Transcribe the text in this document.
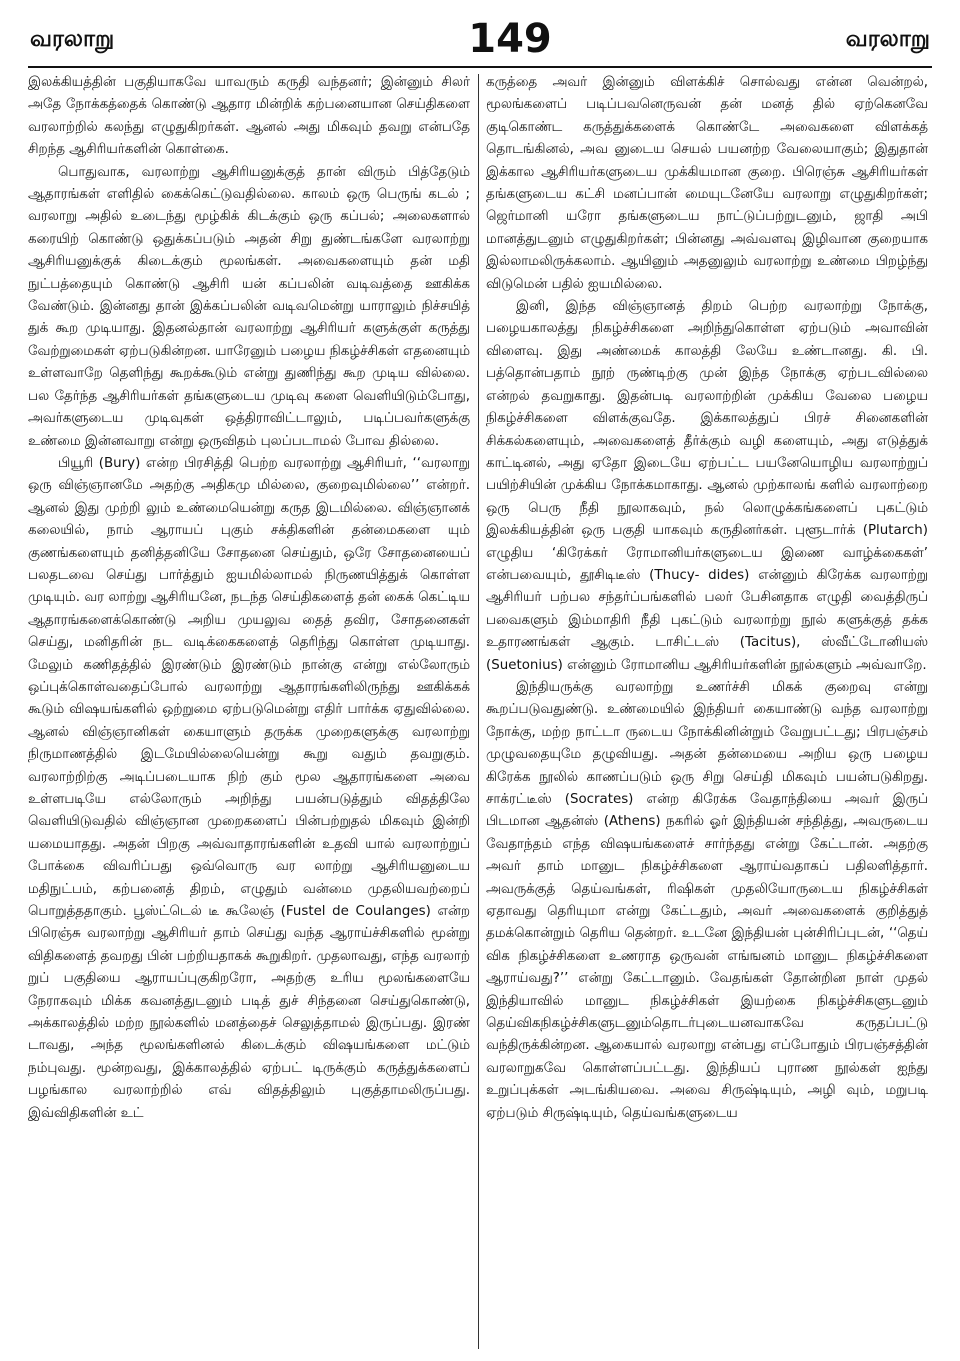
வரலாறு	149	வரலாறு

இலக்கியத்தின் பகுதியாகவே யாவரும் கருதி வந்தனர்; இன்னும் சிலர் அதே நோக்கத்தைக் கொண்டு ஆதார மின்றிக் கற்பனையான செய்திகளை வரலாற்றில் கலந்து எழுதுகிறர்கள். ஆனல் அது மிகவும் தவறு என்பதே சிறந்த ஆசிரியர்களின் கொள்கை.

பொதுவாக, வரலாற்று ஆசிரியனுக்குத் தான் விரும் பித்தேடும் ஆதாரங்கள் எளிதில் கைக்கெட்டுவதில்லை. காலம் ஒரு பெருங் கடல் ; வரலாறு அதில் உடைந்து மூழ்கிக் கிடக்கும் ஒரு கப்பல்; அலைகளால் கரையிற் கொண்டு ஒதுக்கப்படும் அதன் சிறு துண்டங்களே வரலாற்று ஆசிரியனுக்குக் கிடைக்கும் மூலங்கள். அவைகளையும் தன் மதி நுட்பத்தையும் கொண்டு ஆசிரி யன் கப்பலின் வடிவத்தை ஊகிக்க வேண்டும். இன்னது தான் இக்கப்பலின் வடிவமென்று யாராலும் நிச்சயித் துக் கூற முடியாது. இதனல்தான் வரலாற்று ஆசிரியர் களுக்குள் கருத்து வேற்றுமைகள் ஏற்படுகின்றன. யாரேனும் பழைய நிகழ்ச்சிகள் எதனையும் உள்ளவாறே தெளிந்து கூறக்கூடும் என்று துணிந்து கூற முடிய வில்லை. பல தேர்ந்த ஆசிரியர்கள் தங்களுடைய முடிவு களை வெளியிடும்போது, அவர்களுடைய முடிவுகள் ஒத்திராவிட்டாலும், படிப்பவர்களுக்கு உண்மை இன்னவாறு என்று ஒருவிதம் புலப்படாமல் போவ தில்லை.

பியூரி (Bury) என்ற பிரசித்தி பெற்ற வரலாற்று ஆசிரியர், ‘‘வரலாறு ஒரு விஞ்ஞானமே அதற்கு அதிகமு மில்லை, குறைவுமில்லை’’ என்றர். ஆனல் இது முற்றி லும் உண்மையென்று கருத இடமில்லை. விஞ்ஞானக் கலையில், நாம் ஆராயப் புகும் சக்திகளின் தன்மைகளை யும் குணங்களையும் தனித்தனியே சோதனை செய்தும், ஒரே சோதனையைப் பலதடவை செய்து பார்த்தும் ஐயமில்லாமல் நிருணயித்துக் கொள்ள முடியும். வர லாற்று ஆசிரியனே, நடந்த செய்திகளைத் தன் கைக் கெட்டிய ஆதாரங்களைக்கொண்டு அறிய முயலுவ தைத் தவிர, சோதனைகள் செய்து, மனிதரின் நட வடிக்கைகளைத் தெரிந்து கொள்ள முடியாது. மேலும் கணிதத்தில் இரண்டும் இரண்டும் நான்கு என்று எல்லோரும் ஒப்புக்கொள்வதைப்போல் வரலாற்று ஆதாரங்களிலிருந்து ஊகிக்கக் கூடும் விஷயங்களில் ஒற்றுமை ஏற்படுமென்று எதிர் பார்க்க ஏதுவில்லை. ஆனல் விஞ்ஞானிகள் கையாளும் தருக்க முறைகளுக்கு வரலாற்று நிருமாணத்தில் இடமேயில்லையென்று கூறு வதும் தவறுகும். வரலாற்றிற்கு அடிப்படையாக நிற் கும் மூல ஆதாரங்களை அவை உள்ளபடியே எல்லோரும் அறிந்து பயன்படுத்தும் விதத்திலே வெளியிடுவதில் விஞ்ஞான முறைகளைப் பின்பற்றுதல் மிகவும் இன்றி யமையாதது. அதன் பிறகு அவ்வாதாரங்களின் உதவி யால் வரலாற்றுப் போக்கை விவரிப்பது ஒவ்வொரு வர லாற்று ஆசிரியனுடைய மதிநுட்பம், கற்பனைத் திறம், எழுதும் வன்மை முதலியவற்றைப் பொறுத்ததாகும். பூஸ்ட்டெல் டீ கூலேஞ் (Fustel de Coulanges) என்ற பிரெஞ்சு வரலாற்று ஆசிரியர் தாம் செய்து வந்த ஆராய்ச்சிகளில் மூன்று விதிகளைத் தவறது பின் பற்றியதாகக் கூறுகிறர். முதலாவது, எந்த வரலாற் றுப் பகுதியை ஆராயப்புகுகிறரோ, அதற்கு உரிய மூலங்களையே நேராகவும் மிக்க கவனத்துடனும் படித் துச் சிந்தனை செய்துகொண்டு, அக்காலத்தில் மற்ற நூல்களில் மனத்தைச் செலுத்தாமல் இருப்பது. இரண் டாவது, அந்த மூலங்களினல் கிடைக்கும் விஷயங்களை மட்டும் நம்புவது. மூன்றவது, இக்காலத்தில் ஏற்பட் டிருக்கும் கருத்துக்களைப் பழங்கால வரலாற்றில் எவ் விதத்திலும் புகுத்தாமலிருப்பது. இவ்விதிகளின் உட்

கருத்தை அவர் இன்னும் விளக்கிச் சொல்வது என்ன வென்றல், மூலங்களைப் படிப்பவனெருவன் தன் மனத் தில் ஏற்கெனவே குடிகொண்ட கருத்துக்களைக் கொண்டே அவைகளை விளக்கத் தொடங்கினல், அவ னுடைய செயல் பயனற்ற வேலையாகும்; இதுதான் இக்கால ஆசிரியர்களுடைய முக்கியமான குறை. பிரெஞ்சு ஆசிரியர்கள் தங்களுடைய கட்சி மனப்பான் மையுடனேயே வரலாறு எழுதுகிறர்கள்; ஜெர்மானி யரோ தங்களுடைய நாட்டுப்பற்றுடனும், ஜாதி அபி மானத்துடனும் எழுதுகிறர்கள்; பின்னது அவ்வளவு இழிவான குறையாக இல்லாமலிருக்கலாம். ஆயினும் அதனுலும் வரலாற்று உண்மை பிறழ்ந்து விடுமென் பதில் ஐயமில்லை.

இனி, இந்த விஞ்ஞானத் திறம் பெற்ற வரலாற்று நோக்கு, பழையகாலத்து நிகழ்ச்சிகளை அறிந்துகொள்ள ஏற்படும் அவாவின் விளைவு. இது அண்மைக் காலத்தி லேயே உண்டானது. கி. பி. பத்தொன்பதாம் நூற் ருண்டிற்கு முன் இந்த நோக்கு ஏற்படவில்லை என்றல் தவறுகாது. இதன்படி வரலாற்றின் முக்கிய வேலை பழைய நிகழ்ச்சிகளை விளக்குவதே. இக்காலத்துப் பிரச் சினைகளின் சிக்கல்களையும், அவைகளைத் தீர்க்கும் வழி களையும், அது எடுத்துக் காட்டினல், அது ஏதோ இடையே ஏற்பட்ட பயனேயொழிய வரலாற்றுப் பயிற்சியின் முக்கிய நோக்கமாகாது. ஆனல் முற்காலங் களில் வரலாற்றை ஒரு பெரு நீதி நூலாகவும், நல் லொழுக்கங்களைப் புகட்டும் இலக்கியத்தின் ஒரு பகுதி யாகவும் கருதினர்கள். புளூடார்க் (Plutarch) எழுதிய ‘கிரேக்கர் ரோமானியர்களுடைய இணை வாழ்க்கைகள்’ என்பவையும், தூசிடிடீஸ் (Thucy- dides) என்னும் கிரேக்க வரலாற்று ஆசிரியர் பற்பல சந்தர்ப்பங்களில் பலர் பேசினதாக எழுதி வைத்திருப் பவைகளும் இம்மாதிரி நீதி புகட்டும் வரலாற்று நூல் களுக்குத் தக்க உதாரணங்கள் ஆகும். டாசிட்டஸ் (Tacitus), ஸ்வீட்டோனியஸ் (Suetonius) என்னும் ரோமானிய ஆசிரியர்களின் நூல்களும் அவ்வாறே.

இந்தியருக்கு வரலாற்று உணர்ச்சி மிகக் குறைவு என்று கூறப்படுவதுண்டு. உண்மையில் இந்தியர் கையாண்டு வந்த வரலாற்று நோக்கு, மற்ற நாட்டா ருடைய நோக்கினின்றும் வேறுபட்டது; பிரபஞ்சம் முழுவதையுமே தழுவியது. அதன் தன்மையை அறிய ஒரு பழைய கிரேக்க நூலில் காணப்படும் ஒரு சிறு செய்தி மிகவும் பயன்படுகிறது. சாக்ரட்டீஸ் (Socrates) என்ற கிரேக்க வேதாந்தியை அவர் இருப் பிடமான ஆதன்ஸ் (Athens) நகரில் ஓர் இந்தியன் சந்தித்து, அவருடைய வேதாந்தம் எந்த விஷயங்களைச் சார்ந்தது என்று கேட்டான். அதற்கு அவர் தாம் மானுட நிகழ்ச்சிகளை ஆராய்வதாகப் பதிலளித்தார். அவருக்குத் தெய்வங்கள், ரிஷிகள் முதலியோருடைய நிகழ்ச்சிகள் ஏதாவது தெரியுமா என்று கேட்டதும், அவர் அவைகளைக் குறித்துத் தமக்கொன்றும் தெரிய தென்றர். உடனே இந்தியன் புன்சிரிப்புடன், ‘‘தெய் விக நிகழ்ச்சிகளை உணராத ஒருவன் எங்ஙனம் மானுட நிகழ்ச்சிகளை ஆராய்வது?’’ என்று கேட்டானும். வேதங்கள் தோன்றின நாள் முதல் இந்தியாவில் மானுட நிகழ்ச்சிகள் இயற்கை நிகழ்ச்சிகளுடனும் தெய்விகநிகழ்ச்சிகளுடனும்தொடர்புடையனவாகவே கருதப்பட்டு வந்திருக்கின்றன. ஆகையால் வரலாறு என்பது எப்போதும் பிரபஞ்சத்தின் வரலாறுகவே கொள்ளப்பட்டது. இந்தியப் புராண நூல்கள் ஐந்து உறுப்புக்கள் அடங்கியவை. அவை சிருஷ்டியும், அழி வும், மறுபடி ஏற்படும் சிருஷ்டியும், தெய்வங்களுடைய
